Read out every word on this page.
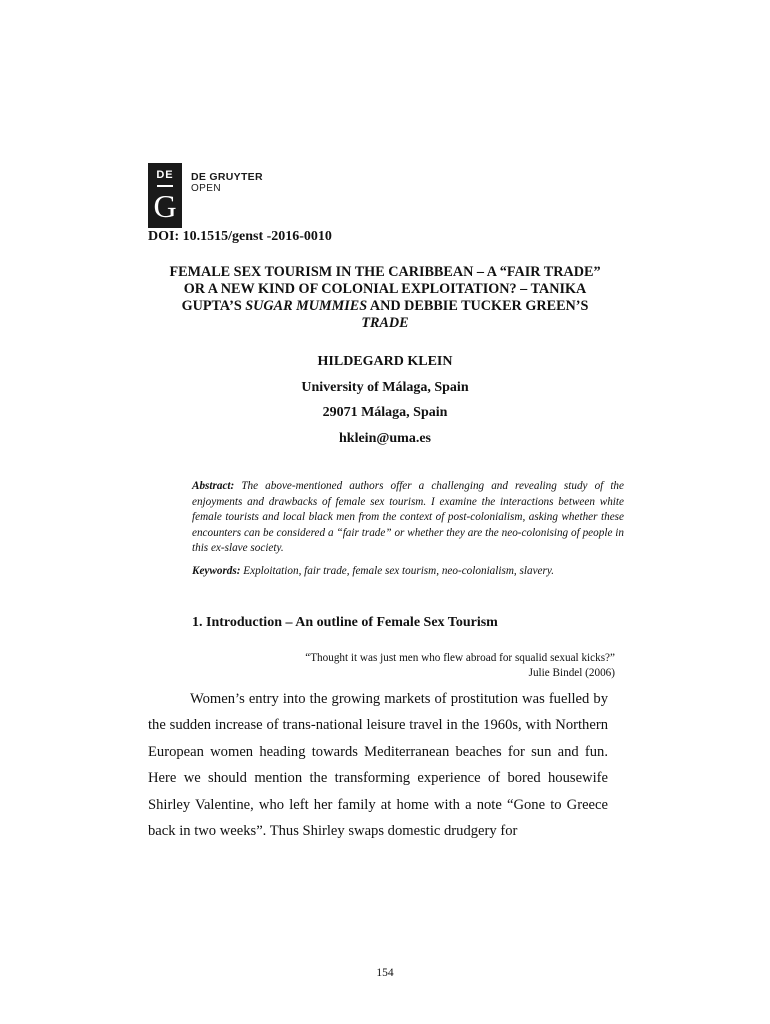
DE
G
DE GRUYTER
OPEN
DOI: 10.1515/genst -2016-0010
FEMALE SEX TOURISM IN THE CARIBBEAN – A “FAIR TRADE”
OR A NEW KIND OF COLONIAL EXPLOITATION? – TANIKA
GUPTA’S SUGAR MUMMIES AND DEBBIE TUCKER GREEN’S
TRADE
HILDEGARD KLEIN
University of Málaga, Spain
29071 Málaga, Spain
hklein@uma.es
Abstract: The above-mentioned authors offer a challenging and revealing study of the enjoyments and drawbacks of female sex tourism. I examine the interactions between white female tourists and local black men from the context of post-colonialism, asking whether these encounters can be considered a “fair trade” or whether they are the neo-colonising of people in this ex-slave society.
Keywords: Exploitation, fair trade, female sex tourism, neo-colonialism, slavery.
1. Introduction – An outline of Female Sex Tourism
“Thought it was just men who flew abroad for squalid sexual kicks?”
Julie Bindel (2006)

Women’s entry into the growing markets of prostitution was fuelled by the sudden increase of trans-national leisure travel in the 1960s, with Northern European women heading towards Mediterranean beaches for sun and fun. Here we should mention the transforming experience of bored housewife Shirley Valentine, who left her family at home with a note “Gone to Greece back in two weeks”. Thus Shirley swaps domestic drudgery for

154
